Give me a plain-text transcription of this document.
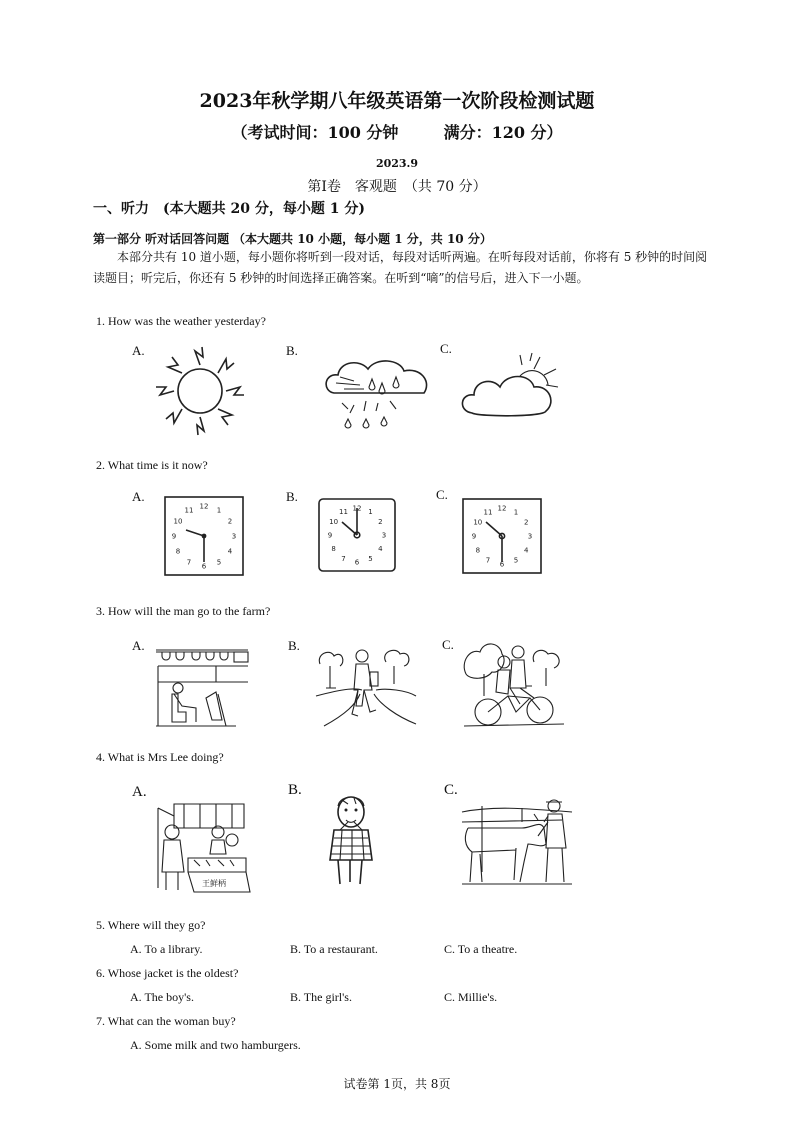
2023年秋学期八年级英语第一次阶段检测试题
（考试时间：100 分钟	满分：120 分）
2023.9
第Ⅰ卷　客观题　（共 70 分）
一、听力　(本大题共 20 分，每小题 1 分)
第一部分 听对话回答问题 （本大题共 10 小题，每小题 1 分，共 10 分）
本部分共有 10 道小题，每小题你将听到一段对话，每段对话听两遍。在听每段对话前，你将有 5 秒钟的时间阅读题目；听完后，你还有 5 秒钟的时间选择正确答案。在听到“嘀”的信号后，进入下一小题。
1. How was the weather yesterday?
A.	B.	C.
2. What time is it now?
A.	B.	C.
12 1
2
3
4
5
6
7
8
9
10
11	12 1
2
3
4
5
6
7
8
9
10
11	12 1
2
3
4
5
6
7
8
9
10
11
3. How will the man go to the farm?
A.	B.	C.
4. What is Mrs Lee doing?
A.	B.	C.
王鲜柄
5. Where will they go?
A. To a library.	B. To a restaurant.	C. To a theatre.
6. Whose jacket is the oldest?
A. The boy's.	B. The girl's.	C. Millie's.
7. What can the woman buy?
A. Some milk and two hamburgers.
试卷第 1页，共 8页
